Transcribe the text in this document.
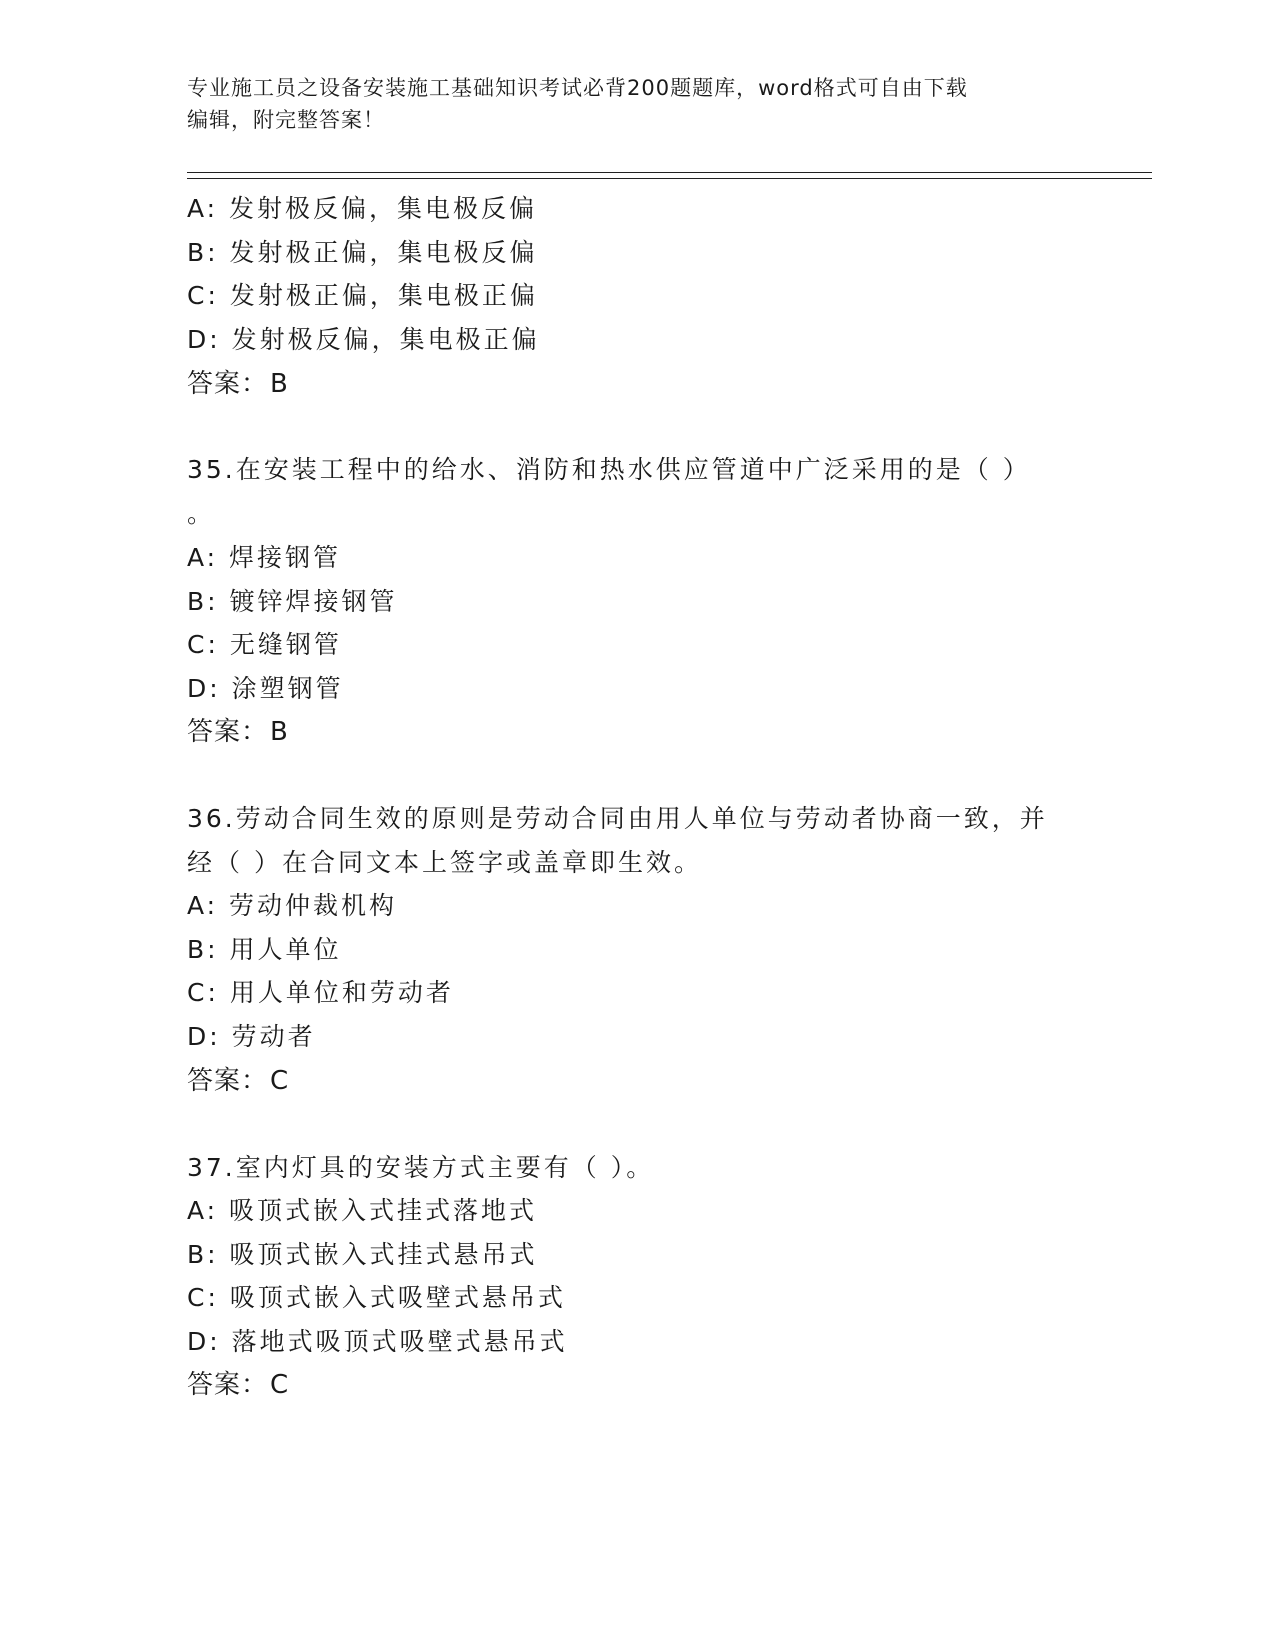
专业施工员之设备安装施工基础知识考试必背200题题库，word格式可自由下载
编辑，附完整答案！
A: 发射极反偏，集电极反偏
B: 发射极正偏，集电极反偏
C: 发射极正偏，集电极正偏
D: 发射极反偏，集电极正偏
答案：B
35.在安装工程中的给水、消防和热水供应管道中广泛采用的是（ ）
。
A: 焊接钢管
B: 镀锌焊接钢管
C: 无缝钢管
D: 涂塑钢管
答案：B
36.劳动合同生效的原则是劳动合同由用人单位与劳动者协商一致，并
经（ ）在合同文本上签字或盖章即生效。
A: 劳动仲裁机构
B: 用人单位
C: 用人单位和劳动者
D: 劳动者
答案：C
37.室内灯具的安装方式主要有（ ）。
A: 吸顶式嵌入式挂式落地式
B: 吸顶式嵌入式挂式悬吊式
C: 吸顶式嵌入式吸壁式悬吊式
D: 落地式吸顶式吸壁式悬吊式
答案：C
